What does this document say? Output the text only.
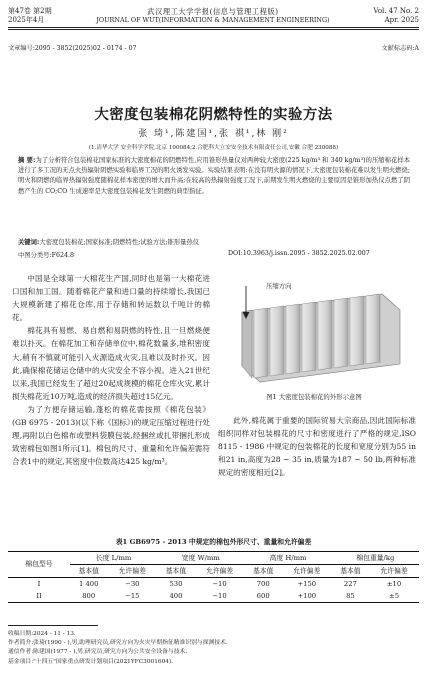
第47卷 第2期
2025年4月
武汉理工大学学报(信息与管理工程版)
JOURNAL OF WUT(INFORMATION & MANAGEMENT ENGINEERING)
Vol. 47 No. 2
Apr. 2025
文章编号:2095 - 3852(2025)02 - 0174 - 07	文献标志码:A
大密度包装棉花阴燃特性的实验方法
张 琦¹,陈建国¹,张 祺¹,林 刚²
(1.清华大学 安全科学学院,北京 100084;2.合肥科大立安安全技术有限责任公司,安徽 合肥 230088)
摘 要:为了分析符合包装棉花国家标准的大密度棉花的阴燃特性,应用锥形热量仪对两种较大密度(225 kg/m³ 和 340 kg/m³)的压缩棉花样本进行了多工况的无点火热辐射阴燃实验和临界工况的明火诱发实验。实验结果表明:在没有明火源的情况下,大密度包装棉花难以发生明火燃烧;明火和阴燃的临界热辐射强度随棉花样本密度的增大而升高;在较高的热辐射强度工况下,前期发生明火燃烧的主要原因是锥形加热仪点燃了阴燃产生的 CO;CO 生成速率是大密度包装棉花发生阴燃的典型指征。
关键词:大密度包装棉花;国家标准;阴燃特性;试验方法;锥形量热仪
中图分类号:F624.8	DOI:10.3963/j.issn.2095 - 3852.2025.02.007

中国是全球第一大棉花生产国,同时也是第一大棉花进口国和加工国。随着棉花产量和进口量的持续增长,我国已大规模新建了棉花仓库,用于存储和转运数以千吨计的棉花。

棉花具有易燃、易自燃和易阴燃的特性,且一旦燃烧便难以扑灭。在棉花加工和存储单位中,棉花数量多,堆积密度大,稍有不慎就可能引入火源造成火灾,且难以及时扑灭。因此,确保棉花储运仓储中的火灾安全不容小视。进入21世纪以来,我国已经发生了超过20起成规模的棉花仓库火灾,累计损失棉花近10万吨,造成的经济损失超过15亿元。

为了方便存储运输,蓬松的棉花需按照《棉花包装》(GB 6975 - 2013)(以下称《国标》)的规定压缩过程进行处理,再附以白色棉布或塑料袋膜包装,经捆丝或扎带捆扎形成致密棉包如图1所示[1]。棉包的尺寸、重量和允许偏差需符合表1中的规定,其密度中位数高达425 kg/m³。

压缩方向
图1 大密度包装棉花的外形示意图

此外,棉花属于重要的国际贸易大宗商品,因此国际标准组织同样对包装棉花的尺寸和密度进行了严格的规定,ISO 8115 - 1986 中规定的包装棉花的长度和宽度分别为55 in和21 in,高度为28 ~ 35 in,质量为187 ~ 50 lb,两种标准规定的密度相近[2]。

表1 GB6975 - 2013 中规定的棉包外形尺寸、重量和允许偏差
棉包型号	长度 L/mm		宽度 W/mm		高度 H/mm		棉包重量/kg	
	基本值	允许偏差	基本值	允许偏差	基本值	允许偏差	基本值	允许偏差
I	1 400	−30	530	−10	700	+150	227	±10
II	800	−15	400	−10	600	+100	85	±5
收稿日期:2024 - 11 - 13.
作者简介:张琦(1990 - ),男,助理研究员,研究方向为火灾早期指征精准识别与探测技术.
通信作者:陈建国(1977 - ),男,研究员,研究方向为公共安全设备与技术.
基金项目:"十四五"国家重点研发计划项目(2021YFC3001604).
